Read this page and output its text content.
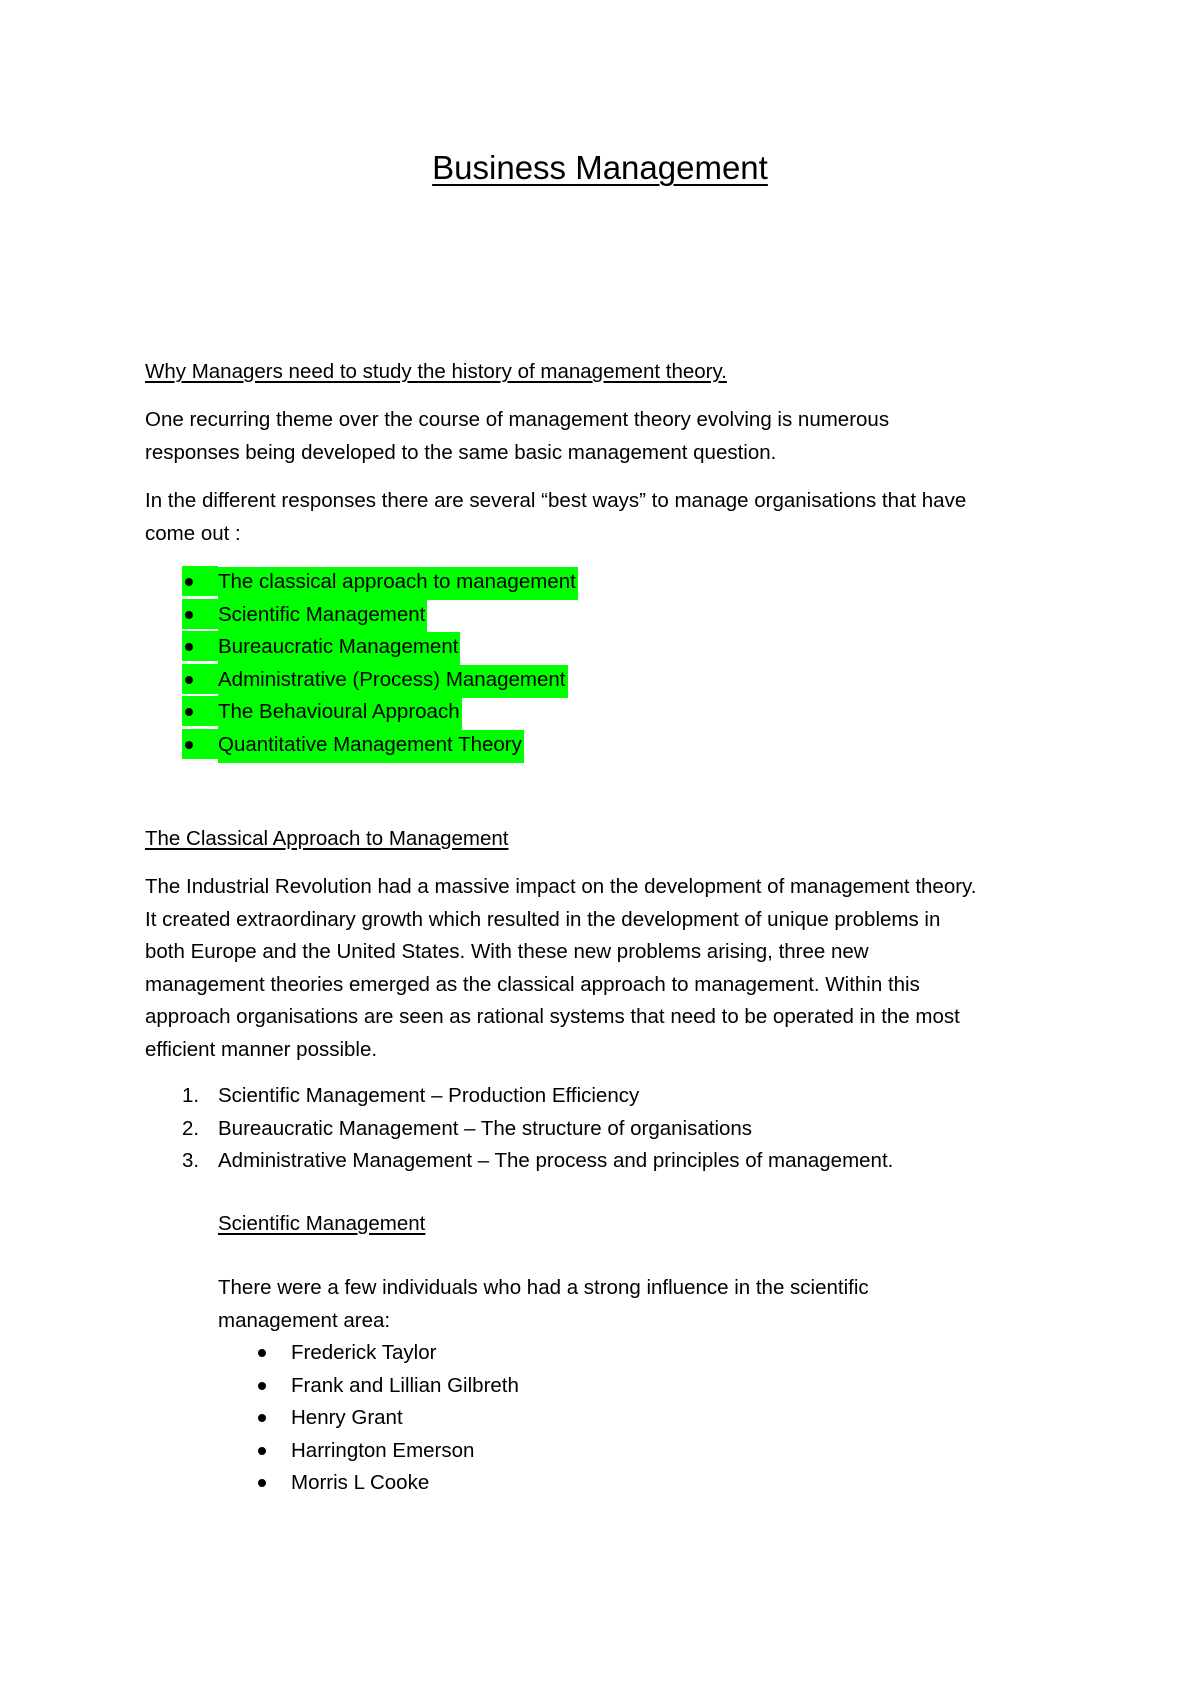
Business Management

Why Managers need to study the history of management theory.

One recurring theme over the course of management theory evolving is numerous

responses being developed to the same basic management question.

In the different responses there are several “best ways” to manage organisations that have

come out :

The classical approach to management
Scientific Management
Bureaucratic Management
Administrative (Process) Management
The Behavioural Approach
Quantitative Management Theory

The Classical Approach to Management

The Industrial Revolution had a massive impact on the development of management theory.

It created extraordinary growth which resulted in the development of unique problems in

both Europe and the United States. With these new problems arising, three new

management theories emerged as the classical approach to management. Within this

approach organisations are seen as rational systems that need to be operated in the most

efficient manner possible.

1. Scientific Management – Production Efficiency
2. Bureaucratic Management – The structure of organisations
3. Administrative Management – The process and principles of management.

Scientific Management

There were a few individuals who had a strong influence in the scientific

management area:

Frederick Taylor
Frank and Lillian Gilbreth
Henry Grant
Harrington Emerson
Morris L Cooke
